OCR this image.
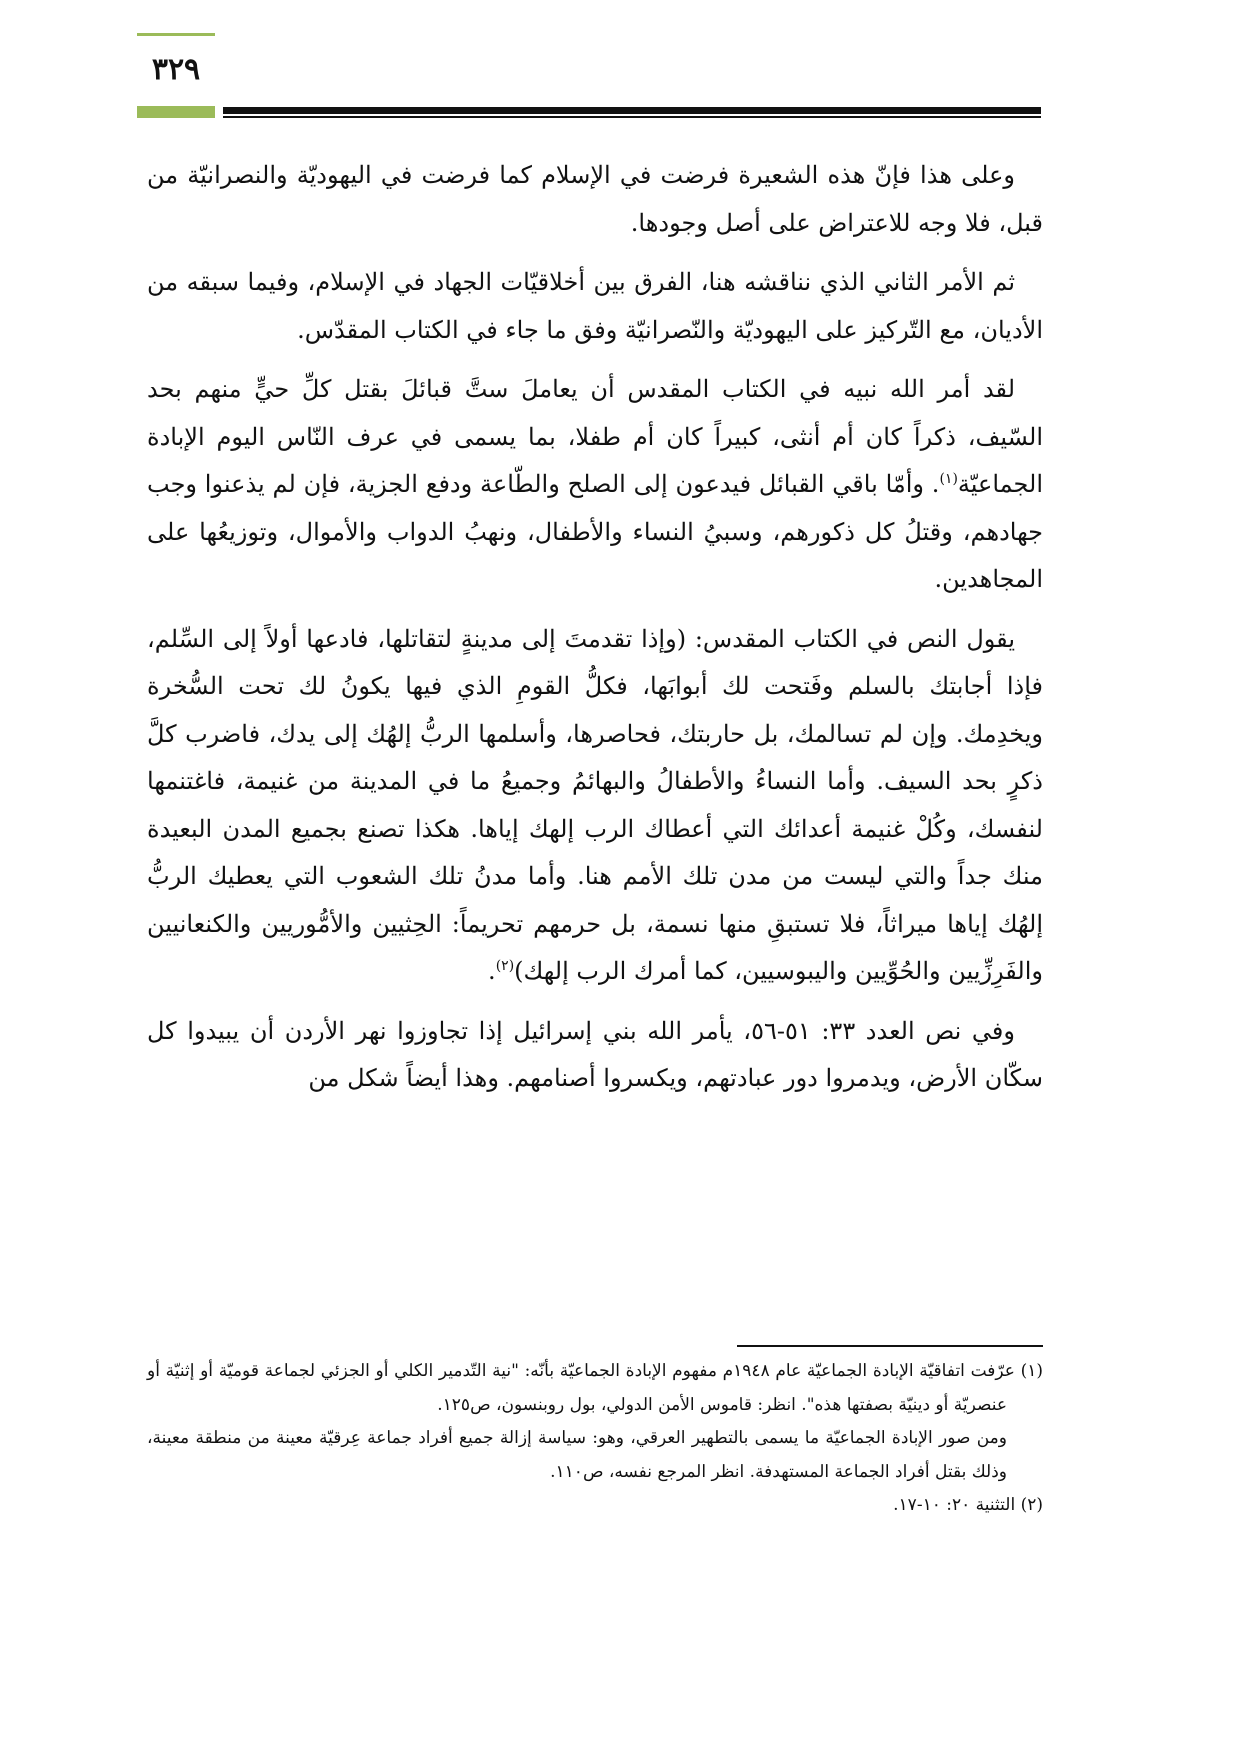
٣٢٩

وعلى هذا فإنّ هذه الشعيرة فرضت في الإسلام كما فرضت في اليهوديّة والنصرانيّة من قبل، فلا وجه للاعتراض على أصل وجودها.

ثم الأمر الثاني الذي نناقشه هنا، الفرق بين أخلاقيّات الجهاد في الإسلام، وفيما سبقه من الأديان، مع التّركيز على اليهوديّة والنّصرانيّة وفق ما جاء في الكتاب المقدّس.

لقد أمر الله نبيه في الكتاب المقدس أن يعاملَ ستَّ قبائلَ بقتل كلِّ حيٍّ منهم بحد السّيف، ذكراً كان أم أنثى، كبيراً كان أم طفلا، بما يسمى في عرف النّاس اليوم الإبادة الجماعيّة$^{(١)}$. وأمّا باقي القبائل فيدعون إلى الصلح والطّاعة ودفع الجزية، فإن لم يذعنوا وجب جهادهم، وقتلُ كل ذكورهم، وسبيُ النساء والأطفال، ونهبُ الدواب والأموال، وتوزيعُها على المجاهدين.

يقول النص في الكتاب المقدس: (وإذا تقدمتَ إلى مدينةٍ لتقاتلها، فادعها أولاً إلى السِّلم، فإذا أجابتك بالسلم وفَتحت لك أبوابَها، فكلُّ القومِ الذي فيها يكونُ لك تحت السُّخرة ويخدِمك. وإن لم تسالمك، بل حاربتك، فحاصرها، وأسلمها الربُّ إلهُك إلى يدك، فاضرب كلَّ ذكرٍ بحد السيف. وأما النساءُ والأطفالُ والبهائمُ وجميعُ ما في المدينة من غنيمة، فاغتنمها لنفسك، وكُلْ غنيمة أعدائك التي أعطاك الرب إلهك إياها. هكذا تصنع بجميع المدن البعيدة منك جداً والتي ليست من مدن تلك الأمم هنا. وأما مدنُ تلك الشعوب التي يعطيك الربُّ إلهُك إياها ميراثاً، فلا تستبقِ منها نسمة، بل حرمهم تحريماً: الحِثيين والأمُّوريين والكنعانيين والفَرِزِّيين والحُوِّيين واليبوسيين، كما أمرك الرب إلهك)$^{(٢)}$.

وفي نص العدد ٣٣: ٥١-٥٦، يأمر الله بني إسرائيل إذا تجاوزوا نهر الأردن أن يبيدوا كل سكّان الأرض، ويدمروا دور عبادتهم، ويكسروا أصنامهم. وهذا أيضاً شكل من

(١) عرّفت اتفاقيّة الإبادة الجماعيّة عام ١٩٤٨م مفهوم الإبادة الجماعيّة بأنّه: "نية التّدمير الكلي أو الجزئي لجماعة قوميّة أو إثنيّة أو عنصريّة أو دينيّة بصفتها هذه". انظر: قاموس الأمن الدولي، بول روبنسون، ص١٢٥.

ومن صور الإبادة الجماعيّة ما يسمى بالتطهير العرقي، وهو: سياسة إزالة جميع أفراد جماعة عِرقيّة معينة من منطقة معينة، وذلك بقتل أفراد الجماعة المستهدفة. انظر المرجع نفسه، ص١١٠.

(٢) التثنية ٢٠: ١٠-١٧.
